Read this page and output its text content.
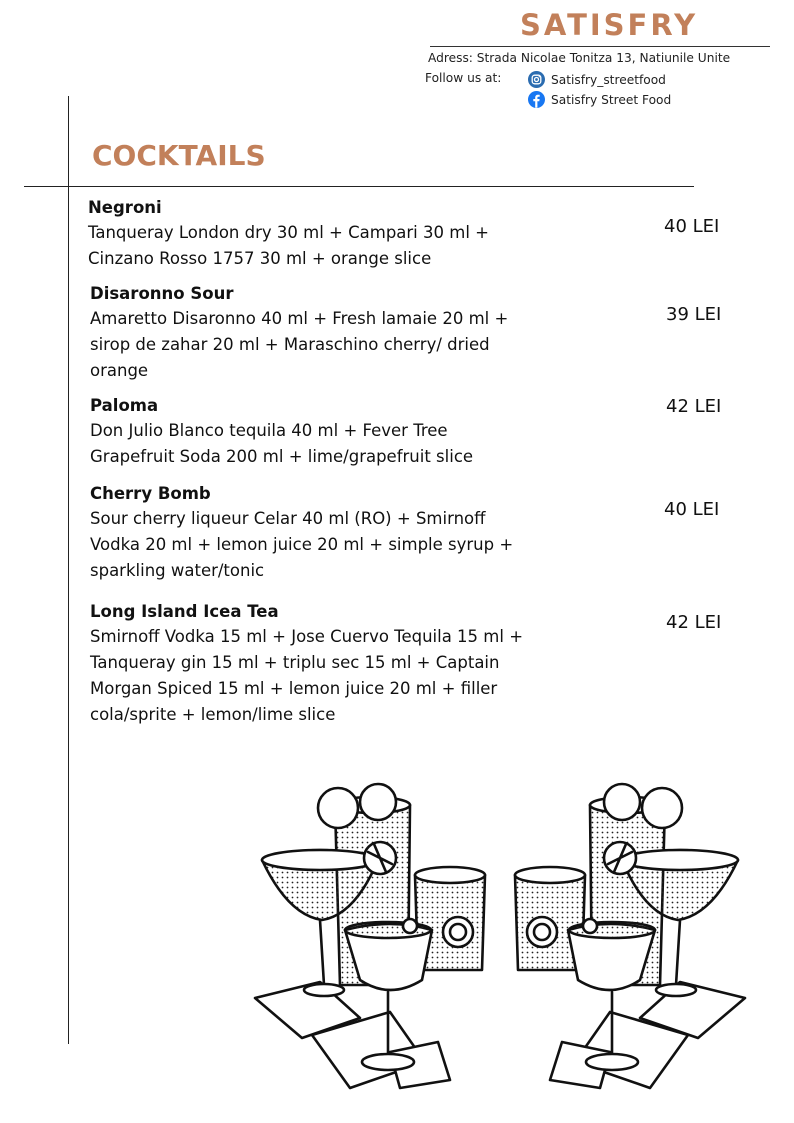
SATISFRY
Adress: Strada Nicolae Tonitza 13, Natiunile Unite
Follow us at:	Satisfry_streetfood
Satisfry Street Food
COCKTAILS
Negroni
Tanqueray London dry 30 ml + Campari 30 ml +
Cinzano Rosso 1757 30 ml + orange slice
40 LEI
Disaronno Sour
Amaretto Disaronno 40 ml + Fresh lamaie 20 ml +
sirop de zahar 20 ml + Maraschino cherry/ dried
orange
39 LEI
Paloma
Don Julio Blanco tequila 40 ml + Fever Tree
Grapefruit Soda 200 ml + lime/grapefruit slice
42 LEI
Cherry Bomb
Sour cherry liqueur Celar 40 ml (RO) + Smirnoff
Vodka 20 ml + lemon juice 20 ml + simple syrup +
sparkling water/tonic
40 LEI
Long Island Icea Tea
Smirnoff Vodka 15 ml + Jose Cuervo Tequila 15 ml +
Tanqueray gin 15 ml + triplu sec 15 ml + Captain
Morgan Spiced 15 ml + lemon juice 20 ml + filler
cola/sprite + lemon/lime slice
42 LEI
